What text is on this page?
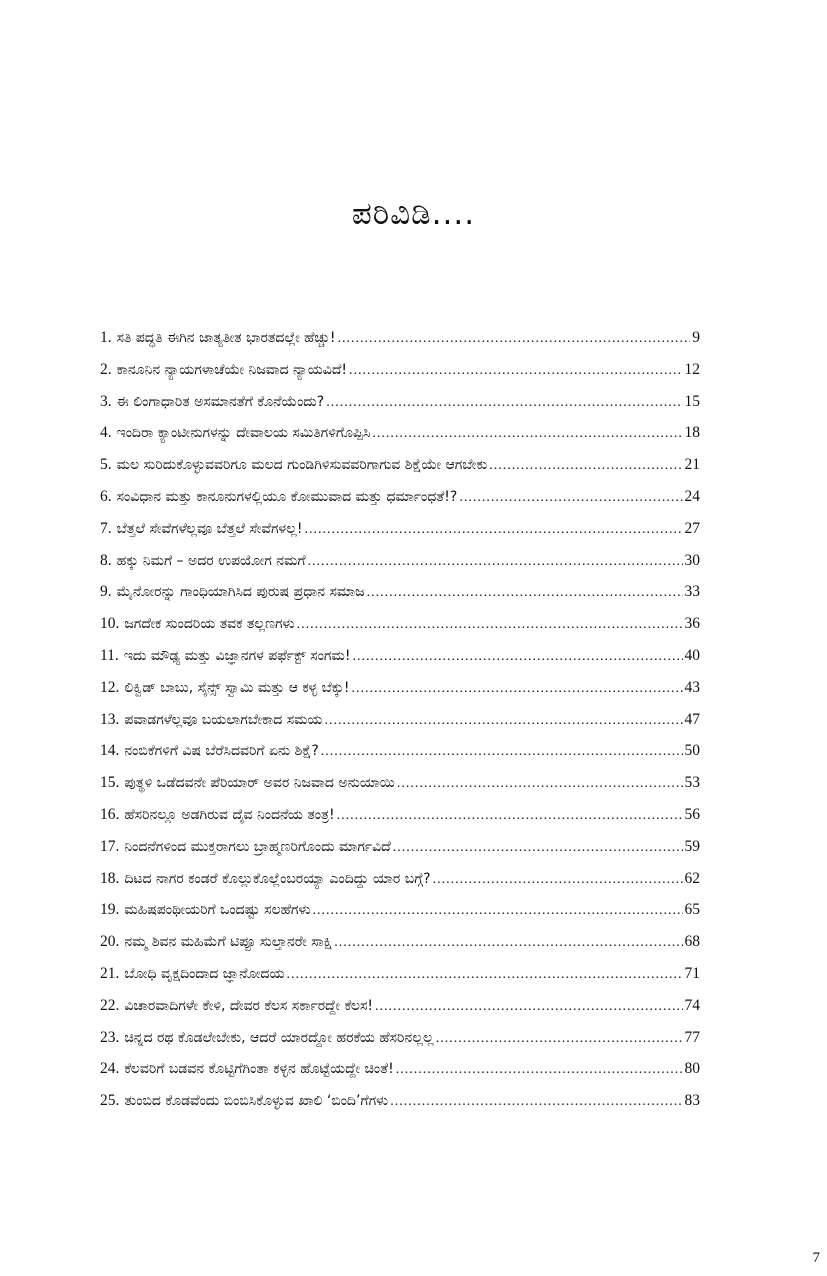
ಪರಿವಿಡಿ....
1. ಸತಿ ಪದ್ಧತಿ ಈಗಿನ ಜಾತ್ಯತೀತ ಭಾರತದಲ್ಲೇ ಹೆಚ್ಚು! .....	9
2. ಕಾನೂನಿನ ನ್ಯಾಯಗಳಾಚೆಯೇ ನಿಜವಾದ ನ್ಯಾಯವಿದೆ! .....	12
3. ಈ ಲಿಂಗಾಧಾರಿತ ಅಸಮಾನತೆಗೆ ಕೊನೆಯೆಂದು? .....	15
4. ಇಂದಿರಾ ಕ್ಯಾಂಟೀನುಗಳನ್ನು ದೇವಾಲಯ ಸಮಿತಿಗಳಿಗೊಪ್ಪಿಸಿ .....	18
5. ಮಲ ಸುರಿದುಕೊಳ್ಳುವವರಿಗೂ ಮಲದ ಗುಂಡಿಗಿಳಿಸುವವರಿಗಾಗುವ ಶಿಕ್ಷೆಯೇ ಆಗಬೇಕು .....	21
6. ಸಂವಿಧಾನ ಮತ್ತು ಕಾನೂನುಗಳಲ್ಲಿಯೂ ಕೋಮುವಾದ ಮತ್ತು ಧರ್ಮಾಂಧತೆ!? .....	24
7. ಬೆತ್ತಲೆ ಸೇವೆಗಳೆಲ್ಲವೂ ಬೆತ್ತಲೆ ಸೇವೆಗಳಲ್ಲ! .....	27
8. ಹಕ್ಕು ನಿಮಗೆ – ಅದರ ಉಪಯೋಗ ನಮಗೆ .....	30
9. ಮೈನೋರನ್ನು ಗಾಂಧಿಯಾಗಿಸಿದ ಪುರುಷ ಪ್ರಧಾನ ಸಮಾಜ .....	33
10. ಜಗದೇಕ ಸುಂದರಿಯ ತವಕ ತಲ್ಲಣಗಳು .....	36
11. ಇದು ಮೌಢ್ಯ ಮತ್ತು ವಿಜ್ಞಾನಗಳ ಪರ್ಫೆಕ್ಟ್ ಸಂಗಮ! .....	40
12. ಲಿಕ್ವಿಡ್ ಬಾಬು, ಸೈನ್ಸ್ ಸ್ವಾಮಿ ಮತ್ತು ಆ ಕಳ್ಳ ಬೆಕ್ಕು! .....	43
13. ಪವಾಡಗಳೆಲ್ಲವೂ ಬಯಲಾಗಬೇಕಾದ ಸಮಯ .....	47
14. ನಂಬಿಕೆಗಳಿಗೆ ವಿಷ ಬೆರೆಸಿದವರಿಗೆ ಏನು ಶಿಕ್ಷೆ? .....	50
15. ಪುತ್ಥಳಿ ಒಡೆದವನೇ ಪೆರಿಯಾರ್ ಅವರ ನಿಜವಾದ ಅನುಯಾಯಿ .....	53
16. ಹೆಸರಿನಲ್ಲೂ ಅಡಗಿರುವ ದೈವ ನಿಂದನೆಯ ತಂತ್ರ! .....	56
17. ನಿಂದನೆಗಳಿಂದ ಮುಕ್ತರಾಗಲು ಬ್ರಾಹ್ಮಣರಿಗೊಂದು ಮಾರ್ಗವಿದೆ .....	59
18. ದಿಟದ ನಾಗರ ಕಂಡರೆ ಕೊಲ್ಲುಕೊಲ್ಲೆಂಬರಯ್ಯಾ ಎಂದಿದ್ದು ಯಾರ ಬಗ್ಗೆ? .....	62
19. ಮಹಿಷಪಂಥೀಯರಿಗೆ ಒಂದಷ್ಟು ಸಲಹೆಗಳು .....	65
20. ನಮ್ಮ ಶಿವನ ಮಹಿಮೆಗೆ ಟಿಪ್ಪೂ ಸುಲ್ತಾನರೇ ಸಾಕ್ಷಿ .....	68
21. ಬೋಧಿ ವೃಕ್ಷದಿಂದಾದ ಜ್ಞಾನೋದಯ .....	71
22. ವಿಚಾರವಾದಿಗಳೇ ಕೇಳಿ, ದೇವರ ಕೆಲಸ ಸರ್ಕಾರದ್ದೇ ಕೆಲಸ! .....	74
23. ಚಿನ್ನದ ರಥ ಕೊಡಲೇಬೇಕು, ಆದರೆ ಯಾರದ್ದೋ ಹರಕೆಯ ಹೆಸರಿನಲ್ಲಲ್ಲ .....	77
24. ಕೆಲವರಿಗೆ ಬಡವನ ಕೊಟ್ಟಿಗೆಗಿಂತಾ ಕಳ್ಳನ ಹೊಟ್ಟೆಯದ್ದೇ ಚಿಂತೆ! .....	80
25. ತುಂಬಿದ ಕೊಡವೆಂದು ಬಿಂಬಿಸಿಕೊಳ್ಳುವ ಖಾಲಿ ‘ಬಿಂದಿ’ಗೆಗಳು .....	83
7
